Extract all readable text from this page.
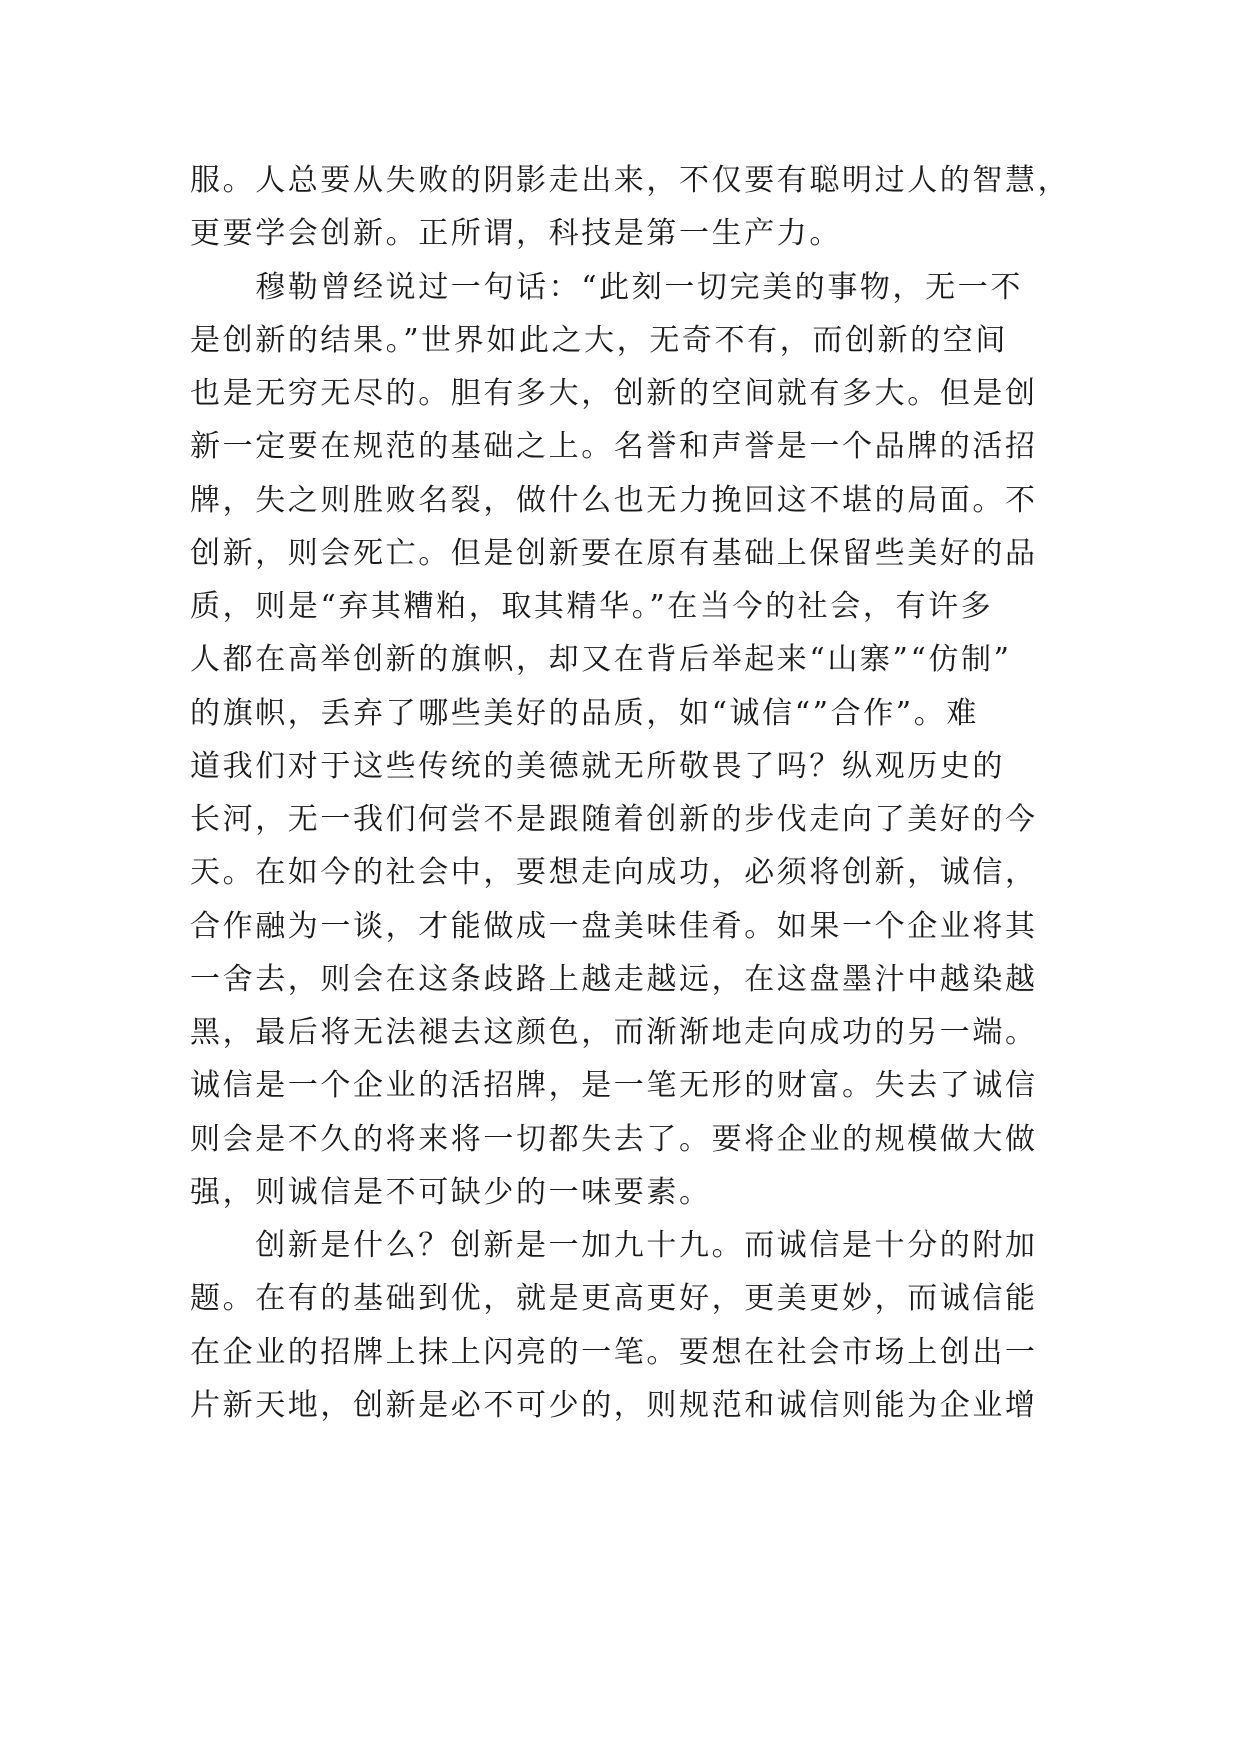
服。人总要从失败的阴影走出来，不仅要有聪明过人的智慧，
更要学会创新。正所谓，科技是第一生产力。
　　穆勒曾经说过一句话：“此刻一切完美的事物，无一不
是创新的结果。”世界如此之大，无奇不有，而创新的空间
也是无穷无尽的。胆有多大，创新的空间就有多大。但是创
新一定要在规范的基础之上。名誉和声誉是一个品牌的活招
牌，失之则胜败名裂，做什么也无力挽回这不堪的局面。不
创新，则会死亡。但是创新要在原有基础上保留些美好的品
质，则是“弃其糟粕，取其精华。”在当今的社会，有许多
人都在高举创新的旗帜，却又在背后举起来“山寨”“仿制”
的旗帜，丢弃了哪些美好的品质，如“诚信“”合作”。难
道我们对于这些传统的美德就无所敬畏了吗？纵观历史的
长河，无一我们何尝不是跟随着创新的步伐走向了美好的今
天。在如今的社会中，要想走向成功，必须将创新，诚信，
合作融为一谈，才能做成一盘美味佳肴。如果一个企业将其
一舍去，则会在这条歧路上越走越远，在这盘墨汁中越染越
黑，最后将无法褪去这颜色，而渐渐地走向成功的另一端。
诚信是一个企业的活招牌，是一笔无形的财富。失去了诚信
则会是不久的将来将一切都失去了。要将企业的规模做大做
强，则诚信是不可缺少的一味要素。
　　创新是什么？创新是一加九十九。而诚信是十分的附加
题。在有的基础到优，就是更高更好，更美更妙，而诚信能
在企业的招牌上抹上闪亮的一笔。要想在社会市场上创出一
片新天地，创新是必不可少的，则规范和诚信则能为企业增
